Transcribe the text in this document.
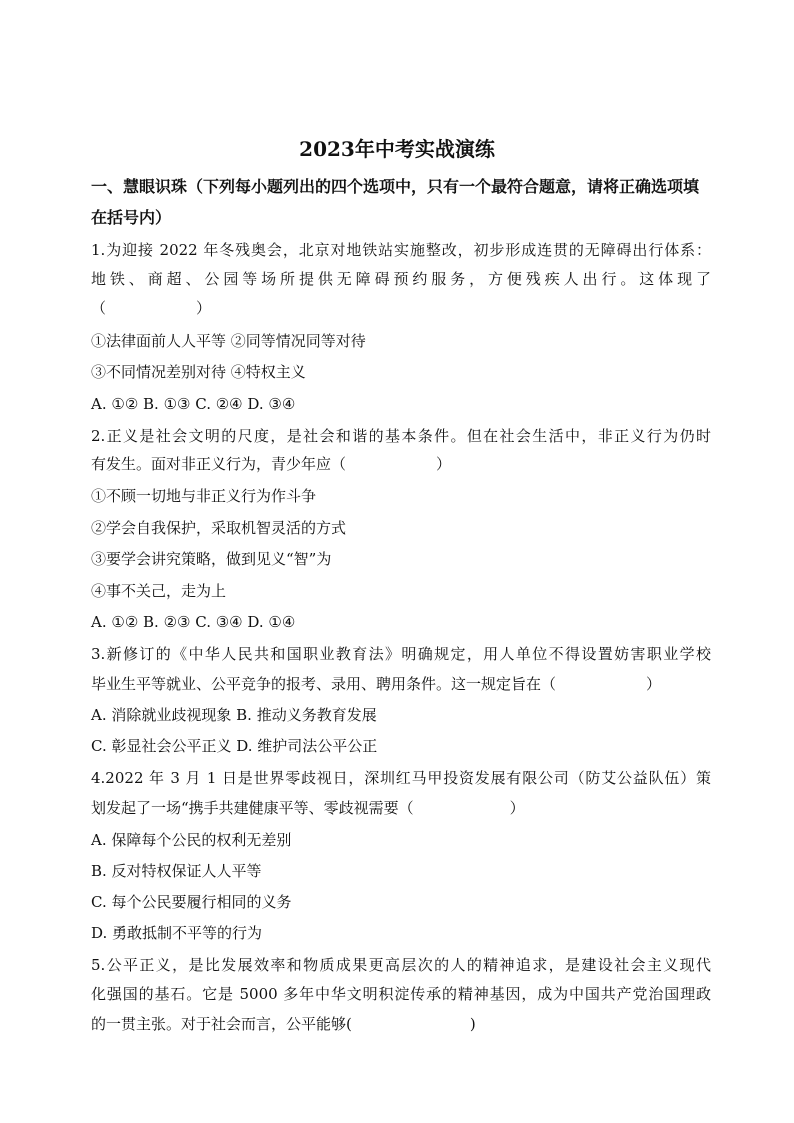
2023年中考实战演练
一、慧眼识珠（下列每小题列出的四个选项中，只有一个最符合题意，请将正确选项填
在括号内）
1.为迎接 2022 年冬残奥会，北京对地铁站实施整改，初步形成连贯的无障碍出行体系：
地铁、商超、公园等场所提供无障碍预约服务，方便残疾人出行。这体现了
（	）
①法律面前人人平等 ②同等情况同等对待
③不同情况差别对待 ④特权主义
A. ①② B. ①③ C. ②④ D. ③④
2.正义是社会文明的尺度，是社会和谐的基本条件。但在社会生活中，非正义行为仍时
有发生。面对非正义行为，青少年应（	）
①不顾一切地与非正义行为作斗争
②学会自我保护，采取机智灵活的方式
③要学会讲究策略，做到见义“智”为
④事不关己，走为上
A. ①② B. ②③ C. ③④ D. ①④
3.新修订的《中华人民共和国职业教育法》明确规定，用人单位不得设置妨害职业学校
毕业生平等就业、公平竞争的报考、录用、聘用条件。这一规定旨在（	）
A. 消除就业歧视现象 B. 推动义务教育发展
C. 彰显社会公平正义 D. 维护司法公平公正
4.2022 年 3 月 1 日是世界零歧视日，深圳红马甲投资发展有限公司（防艾公益队伍）策
划发起了一场“携手共建健康平等、零歧视需要（	）
A. 保障每个公民的权利无差别
B. 反对特权保证人人平等
C. 每个公民要履行相同的义务
D. 勇敢抵制不平等的行为
5.公平正义，是比发展效率和物质成果更高层次的人的精神追求，是建设社会主义现代
化强国的基石。它是 5000 多年中华文明积淀传承的精神基因，成为中国共产党治国理政
的一贯主张。对于社会而言，公平能够(	)
